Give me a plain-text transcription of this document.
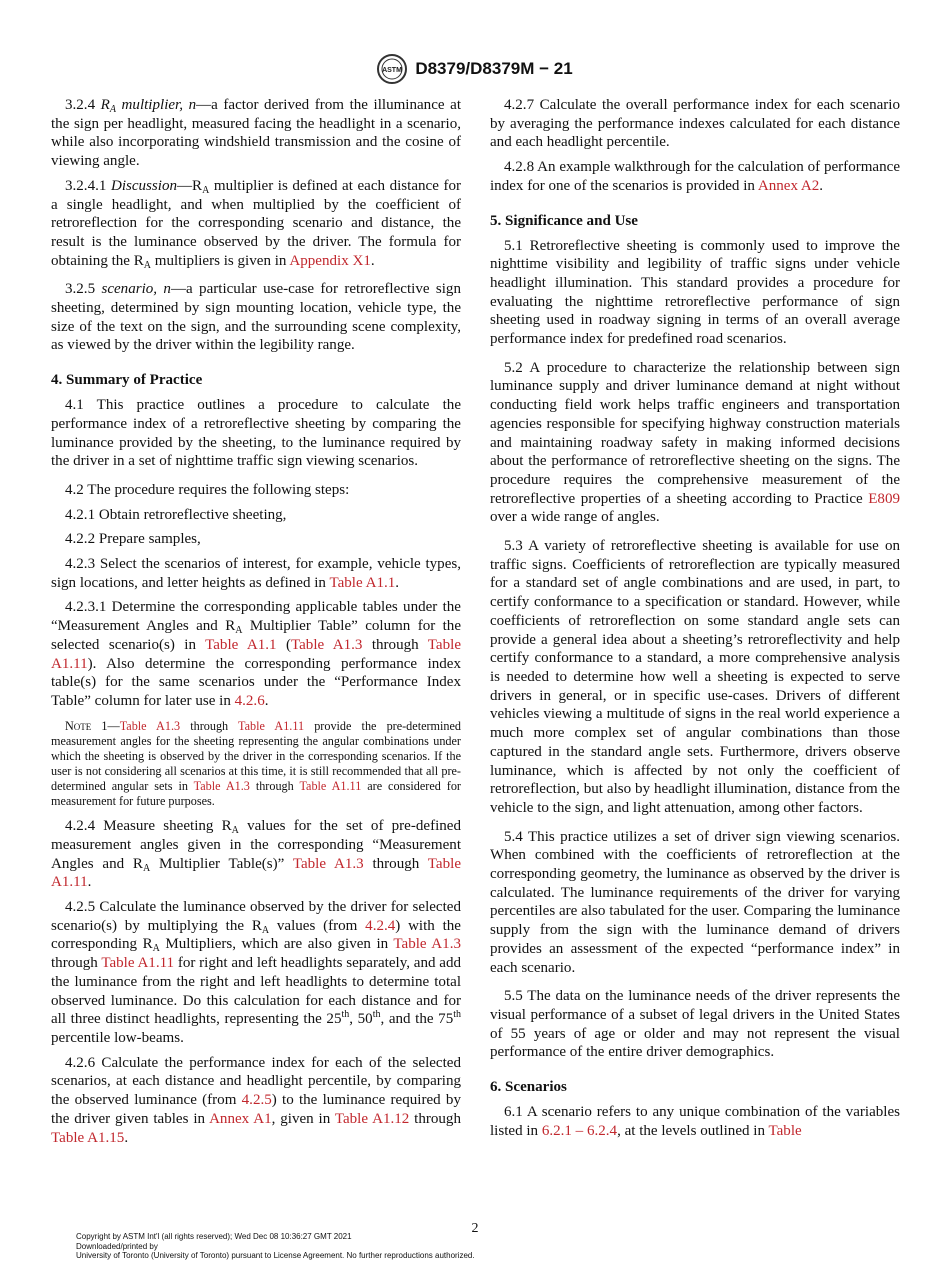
ASTM D8379/D8379M − 21

3.2.4 $R_A$ multiplier, n—a factor derived from the illuminance at the sign per headlight, measured facing the headlight in a scenario, while also incorporating windshield transmission and the cosine of viewing angle.

3.2.4.1 $Discussion—R_A$ multiplier is defined at each distance for a single headlight, and when multiplied by the coefficient of retroreflection for the corresponding scenario and distance, the result is the luminance observed by the driver. The formula for obtaining the $R_A$ multipliers is given in Appendix X1.

3.2.5 scenario, n—a particular use-case for retroreflective sign sheeting, determined by sign mounting location, vehicle type, the size of the text on the sign, and the surrounding scene complexity, as viewed by the driver within the legibility range.

4. Summary of Practice

4.1 This practice outlines a procedure to calculate the performance index of a retroreflective sheeting by comparing the luminance provided by the sheeting, to the luminance required by the driver in a set of nighttime traffic sign viewing scenarios.

4.2 The procedure requires the following steps:

4.2.1 Obtain retroreflective sheeting,

4.2.2 Prepare samples,

4.2.3 Select the scenarios of interest, for example, vehicle types, sign locations, and letter heights as defined in Table A1.1.

4.2.3.1 Determine the corresponding applicable tables under the “Measurement Angles and $R_A$ Multiplier Table” column for the selected scenario(s) in Table A1.1 (Table A1.3 through Table A1.11). Also determine the corresponding performance index table(s) for the same scenarios under the “Performance Index Table” column for later use in 4.2.6.

Note 1—Table A1.3 through Table A1.11 provide the pre-determined measurement angles for the sheeting representing the angular combinations under which the sheeting is observed by the driver in the corresponding scenarios. If the user is not considering all scenarios at this time, it is still recommended that all pre-determined angular sets in Table A1.3 through Table A1.11 are considered for measurement for future purposes.

4.2.4 Measure sheeting $R_A$ values for the set of pre-defined measurement angles given in the corresponding “Measurement Angles and $R_A$ Multiplier Table(s)” Table A1.3 through Table A1.11.

4.2.5 Calculate the luminance observed by the driver for selected scenario(s) by multiplying the $R_A$ values (from 4.2.4) with the corresponding $R_A$ Multipliers, which are also given in Table A1.3 through Table A1.11 for right and left headlights separately, and add the luminance from the right and left headlights to determine total observed luminance. Do this calculation for each distance and for all three distinct headlights, representing the 25th, 50th, and the 75th percentile low-beams.

4.2.6 Calculate the performance index for each of the selected scenarios, at each distance and headlight percentile, by comparing the observed luminance (from 4.2.5) to the luminance required by the driver given tables in Annex A1, given in Table A1.12 through Table A1.15.

4.2.7 Calculate the overall performance index for each scenario by averaging the performance indexes calculated for each distance and each headlight percentile.

4.2.8 An example walkthrough for the calculation of performance index for one of the scenarios is provided in Annex A2.

5. Significance and Use

5.1 Retroreflective sheeting is commonly used to improve the nighttime visibility and legibility of traffic signs under vehicle headlight illumination. This standard provides a procedure for evaluating the nighttime retroreflective performance of sign sheeting used in roadway signing in terms of an overall average performance index for predefined road scenarios.

5.2 A procedure to characterize the relationship between sign luminance supply and driver luminance demand at night without conducting field work helps traffic engineers and transportation agencies responsible for specifying highway construction materials and maintaining roadway safety in making informed decisions about the performance of retroreflective sheeting on the signs. The procedure requires the comprehensive measurement of the retroreflective properties of a sheeting according to Practice E809 over a wide range of angles.

5.3 A variety of retroreflective sheeting is available for use on traffic signs. Coefficients of retroreflection are typically measured for a standard set of angle combinations and are used, in part, to certify conformance to a specification or standard. However, while coefficients of retroreflection on some standard angle sets can provide a general idea about a sheeting’s retroreflectivity and help certify conformance to a standard, a more comprehensive analysis is needed to determine how well a sheeting is expected to serve drivers in general, or in specific use-cases. Drivers of different vehicles viewing a multitude of signs in the real world experience a much more complex set of angular combinations than those captured in the standard angle sets. Furthermore, drivers observe luminance, which is affected by not only the coefficient of retroreflection, but also by headlight illumination, distance from the vehicle to the sign, and light attenuation, among other factors.

5.4 This practice utilizes a set of driver sign viewing scenarios. When combined with the coefficients of retroreflection at the corresponding geometry, the luminance as observed by the driver is calculated. The luminance requirements of the driver for varying percentiles are also tabulated for the user. Comparing the luminance supply from the sign with the luminance demand of drivers provides an assessment of the expected “performance index” in each scenario.

5.5 The data on the luminance needs of the driver represents the visual performance of a subset of legal drivers in the United States of 55 years of age or older and may not represent the visual performance of the entire driver demographics.

6. Scenarios

6.1 A scenario refers to any unique combination of the variables listed in 6.2.1 – 6.2.4, at the levels outlined in Table

2
Copyright by ASTM Int'l (all rights reserved); Wed Dec 08 10:36:27 GMT 2021
Downloaded/printed by
University of Toronto (University of Toronto) pursuant to License Agreement. No further reproductions authorized.
